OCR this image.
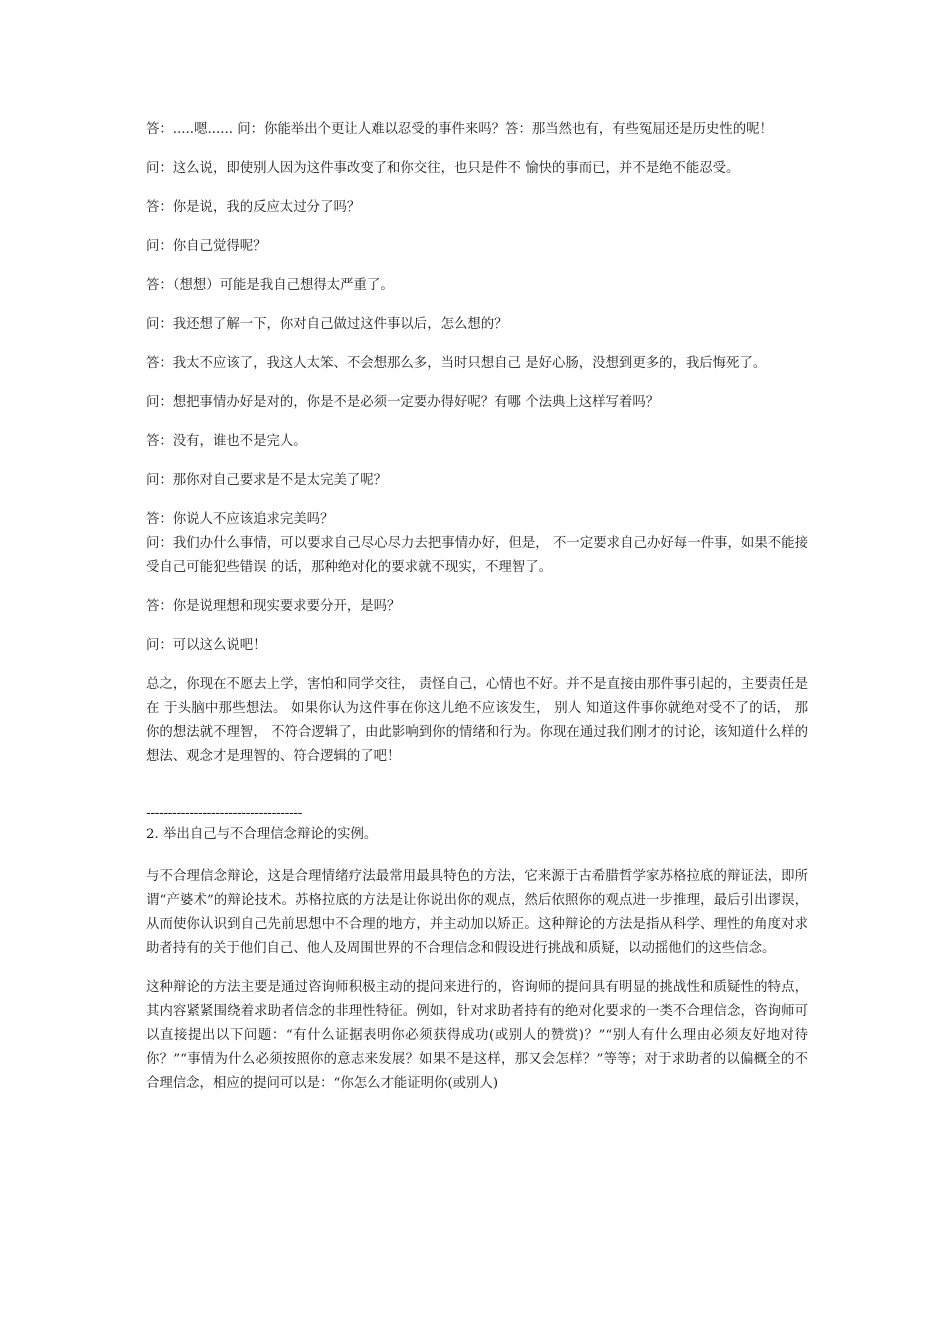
答：.....嗯...... 问：你能举出个更让人难以忍受的事件来吗？答：那当然也有，有些冤屈还是历史性的呢！

问：这么说，即使别人因为这件事改变了和你交往，也只是件不 愉快的事而已，并不是绝不能忍受。

答：你是说，我的反应太过分了吗？

问：你自己觉得呢？

答：（想想）可能是我自己想得太严重了。

问：我还想了解一下，你对自己做过这件事以后，怎么想的？

答：我太不应该了，我这人太笨、不会想那么多，当时只想自己 是好心肠，没想到更多的，我后悔死了。

问：想把事情办好是对的，你是不是必须一定要办得好呢？有哪 个法典上这样写着吗？

答：没有，谁也不是完人。

问：那你对自己要求是不是太完美了呢？

答：你说人不应该追求完美吗？

问：我们办什么事情，可以要求自己尽心尽力去把事情办好，但是， 不一定要求自己办好每一件事，如果不能接受自己可能犯些错误 的话，那种绝对化的要求就不现实，不理智了。

答：你是说理想和现实要求要分开，是吗？

问：可以这么说吧！

总之，你现在不愿去上学，害怕和同学交往， 责怪自己，心情也不好。并不是直接由那件事引起的，主要责任是在 于头脑中那些想法。 如果你认为这件事在你这儿绝不应该发生， 别人 知道这件事你就绝对受不了的话， 那你的想法就不理智， 不符合逻辑了，由此影响到你的情绪和行为。你现在通过我们刚才的讨论，该知道什么样的想法、观念才是理智的、符合逻辑的了吧！

------------------------------------

2. 举出自己与不合理信念辩论的实例。

与不合理信念辩论，这是合理情绪疗法最常用最具特色的方法，它来源于古希腊哲学家苏格拉底的辩证法，即所谓“产婆术”的辩论技术。苏格拉底的方法是让你说出你的观点，然后依照你的观点进一步推理，最后引出谬误，从而使你认识到自己先前思想中不合理的地方，并主动加以矫正。这种辩论的方法是指从科学、理性的角度对求助者持有的关于他们自己、他人及周围世界的不合理信念和假设进行挑战和质疑，以动摇他们的这些信念。

这种辩论的方法主要是通过咨询师积极主动的提问来进行的，咨询师的提问具有明显的挑战性和质疑性的特点，其内容紧紧围绕着求助者信念的非理性特征。例如，针对求助者持有的绝对化要求的一类不合理信念，咨询师可以直接提出以下问题：“有什么证据表明你必须获得成功(或别人的赞赏)？”“别人有什么理由必须友好地对待你？”“事情为什么必须按照你的意志来发展？如果不是这样，那又会怎样？”等等；对于求助者的以偏概全的不合理信念，相应的提问可以是：“你怎么才能证明你(或别人)
